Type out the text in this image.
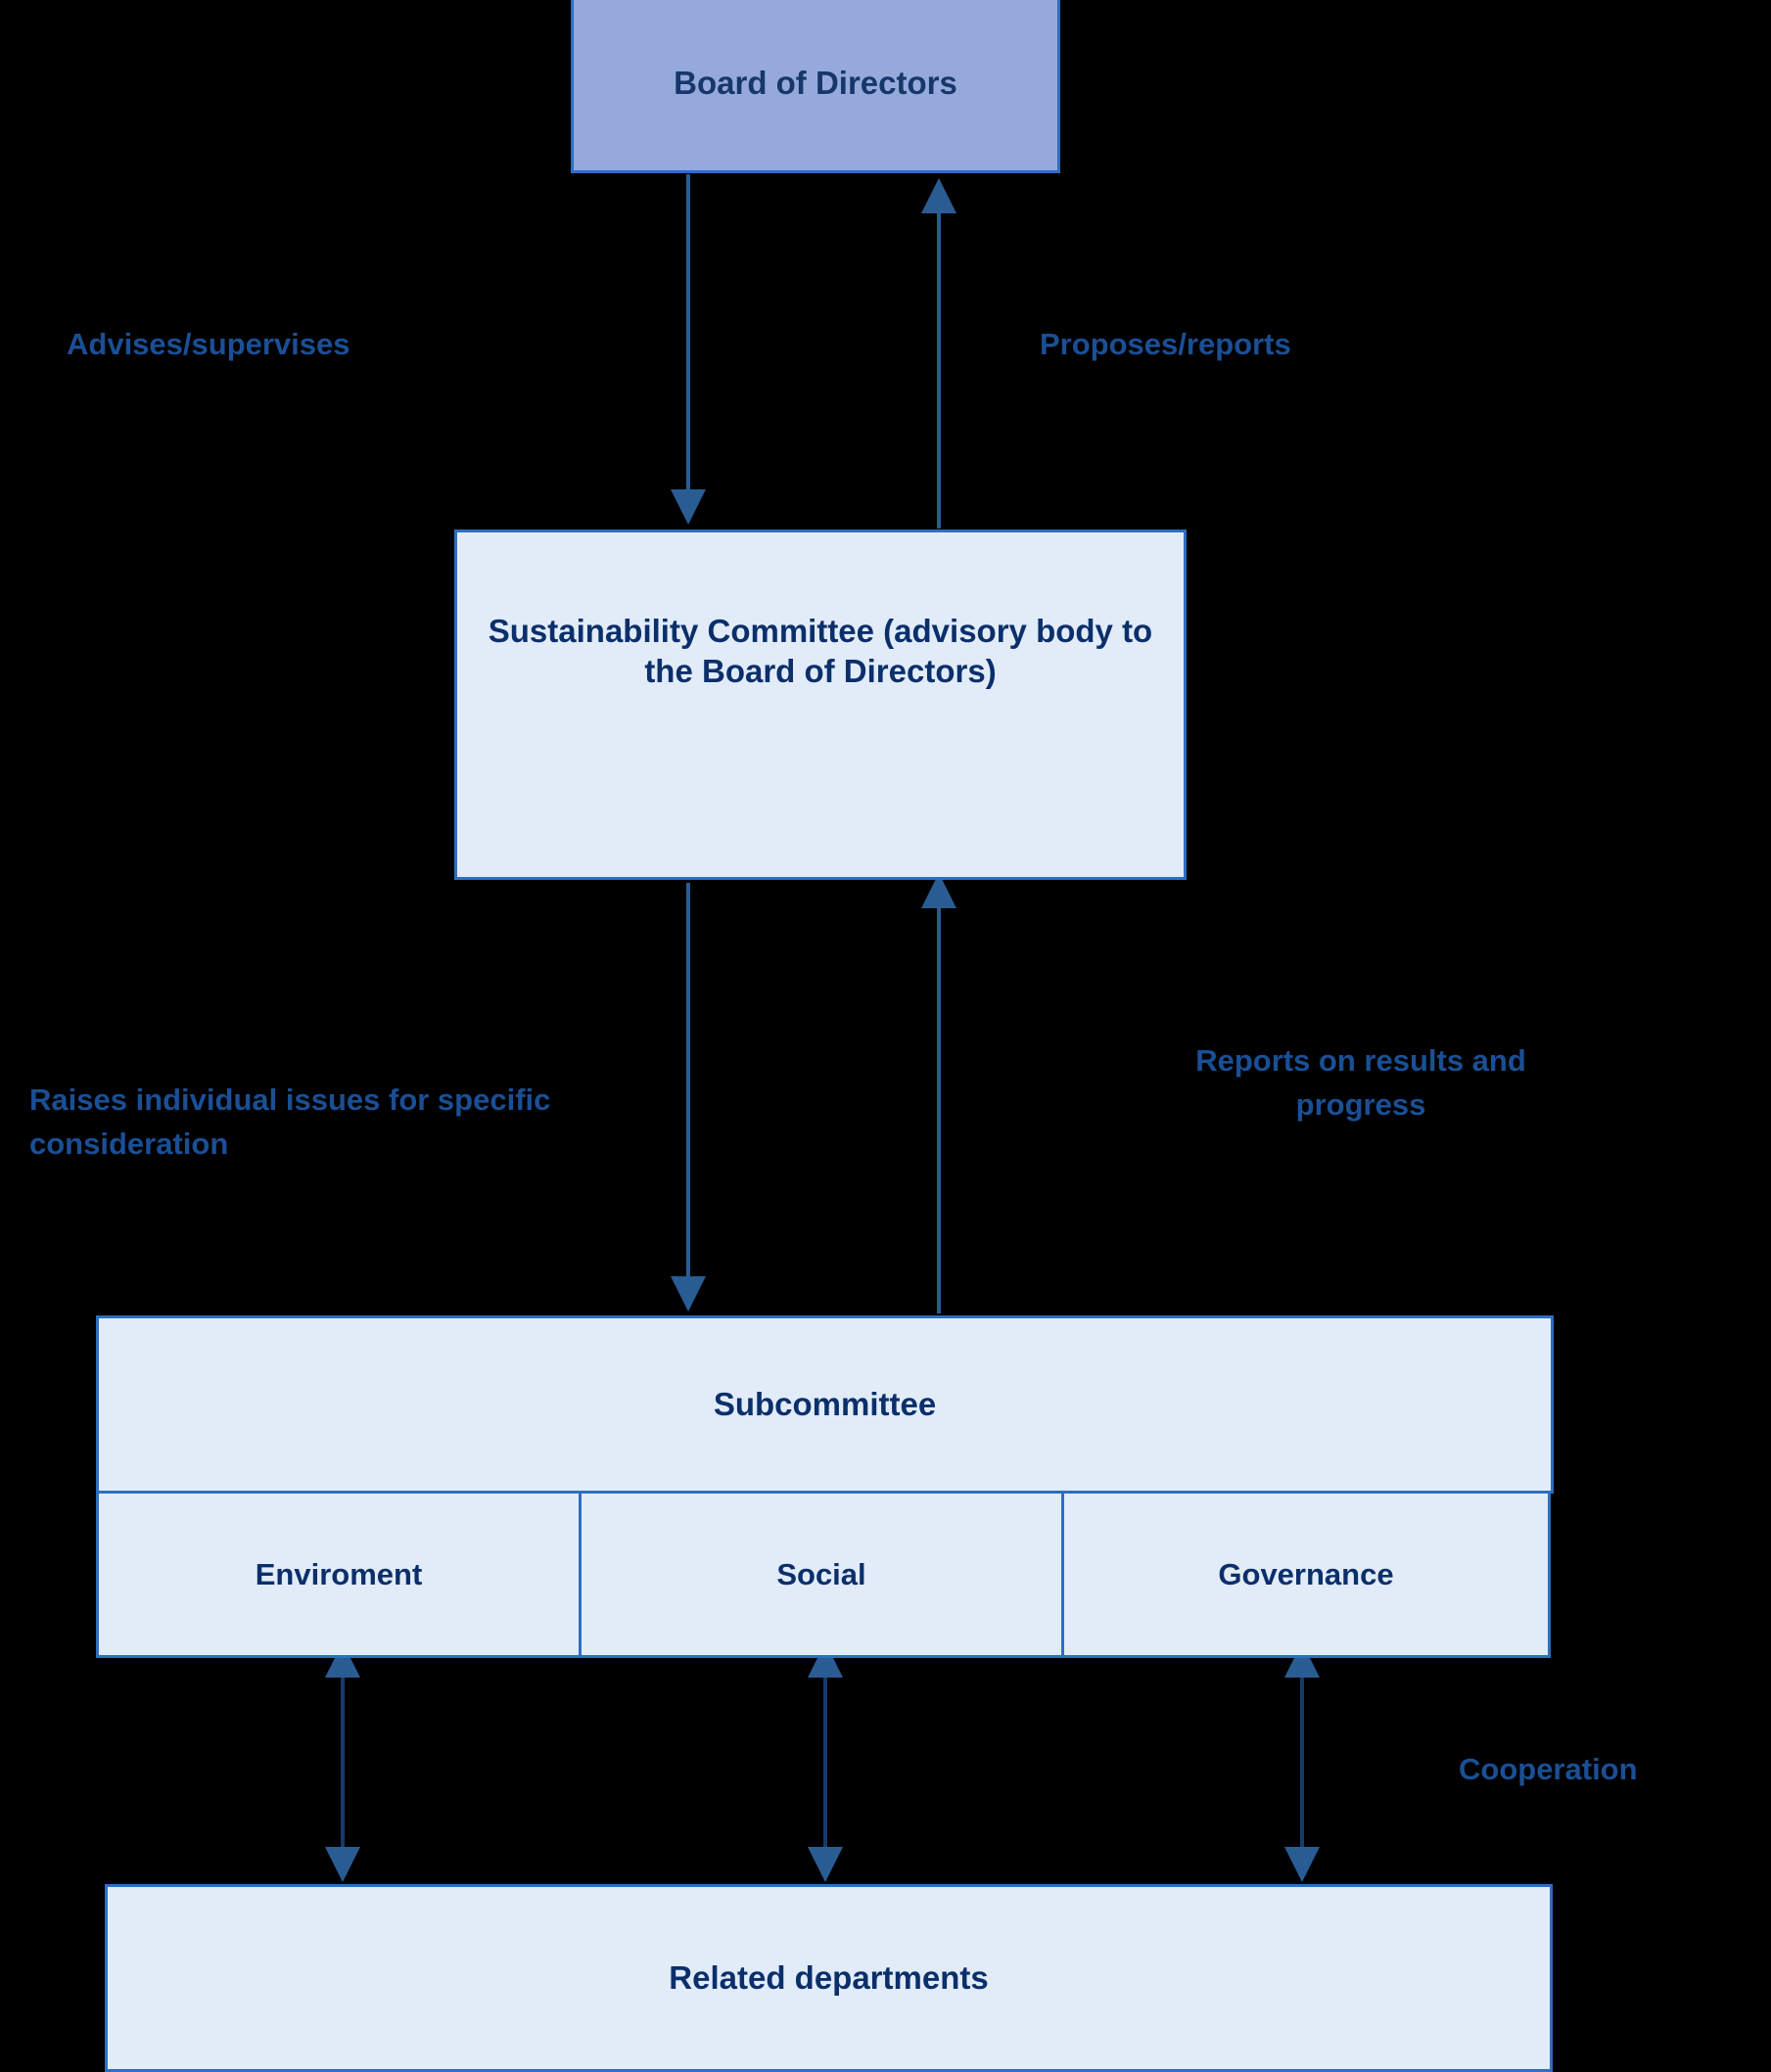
Board of Directors
Sustainability Committee (advisory body to the Board of Directors)
Subcommittee
Enviroment	Social	Governance
Related departments
Advises/supervises	Proposes/reports
Raises individual issues for specific consideration
Reports on results and progress
Cooperation
